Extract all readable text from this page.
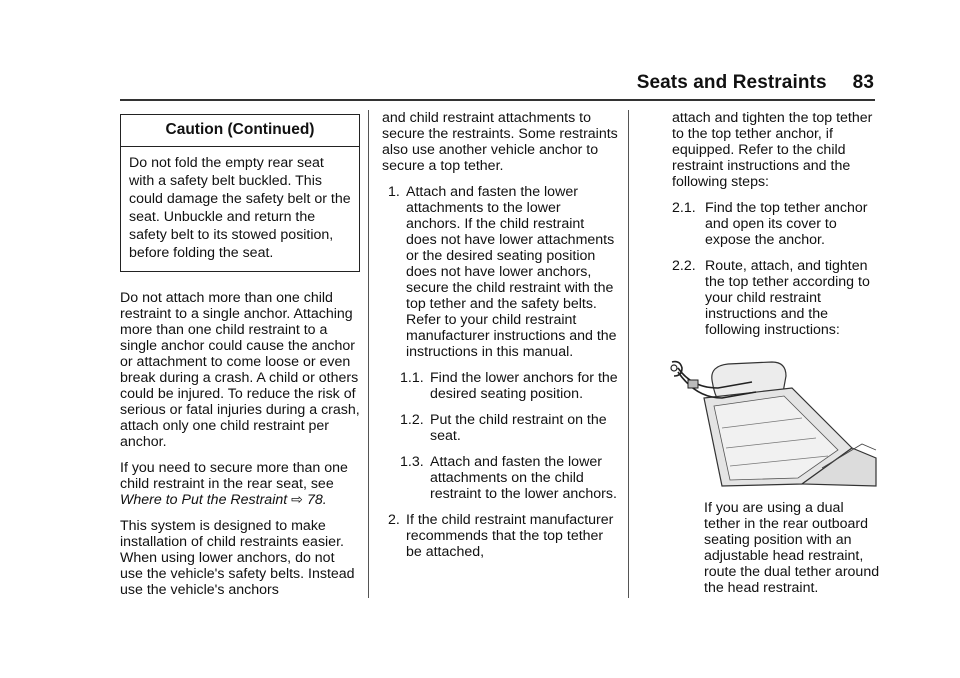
Seats and Restraints 83
Caution (Continued)
Do not fold the empty rear seat with a safety belt buckled. This could damage the safety belt or the seat. Unbuckle and return the safety belt to its stowed position, before folding the seat.

Do not attach more than one child restraint to a single anchor. Attaching more than one child restraint to a single anchor could cause the anchor or attachment to come loose or even break during a crash. A child or others could be injured. To reduce the risk of serious or fatal injuries during a crash, attach only one child restraint per anchor.

If you need to secure more than one child restraint in the rear seat, see Where to Put the Restraint ⇨ 78.

This system is designed to make installation of child restraints easier. When using lower anchors, do not use the vehicle's safety belts. Instead use the vehicle's anchors

and child restraint attachments to secure the restraints. Some restraints also use another vehicle anchor to secure a top tether.

1. Attach and fasten the lower attachments to the lower anchors. If the child restraint does not have lower attachments or the desired seating position does not have lower anchors, secure the child restraint with the top tether and the safety belts. Refer to your child restraint manufacturer instructions and the instructions in this manual.
1.1. Find the lower anchors for the desired seating position.
1.2. Put the child restraint on the seat.
1.3. Attach and fasten the lower attachments on the child restraint to the lower anchors.
2. If the child restraint manufacturer recommends that the top tether be attached,

attach and tighten the top tether to the top tether anchor, if equipped. Refer to the child restraint instructions and the following steps:

2.1. Find the top tether anchor and open its cover to expose the anchor.
2.2. Route, attach, and tighten the top tether according to your child restraint instructions and the following instructions:
If you are using a dual tether in the rear outboard seating position with an adjustable head restraint, route the dual tether around the head restraint.
